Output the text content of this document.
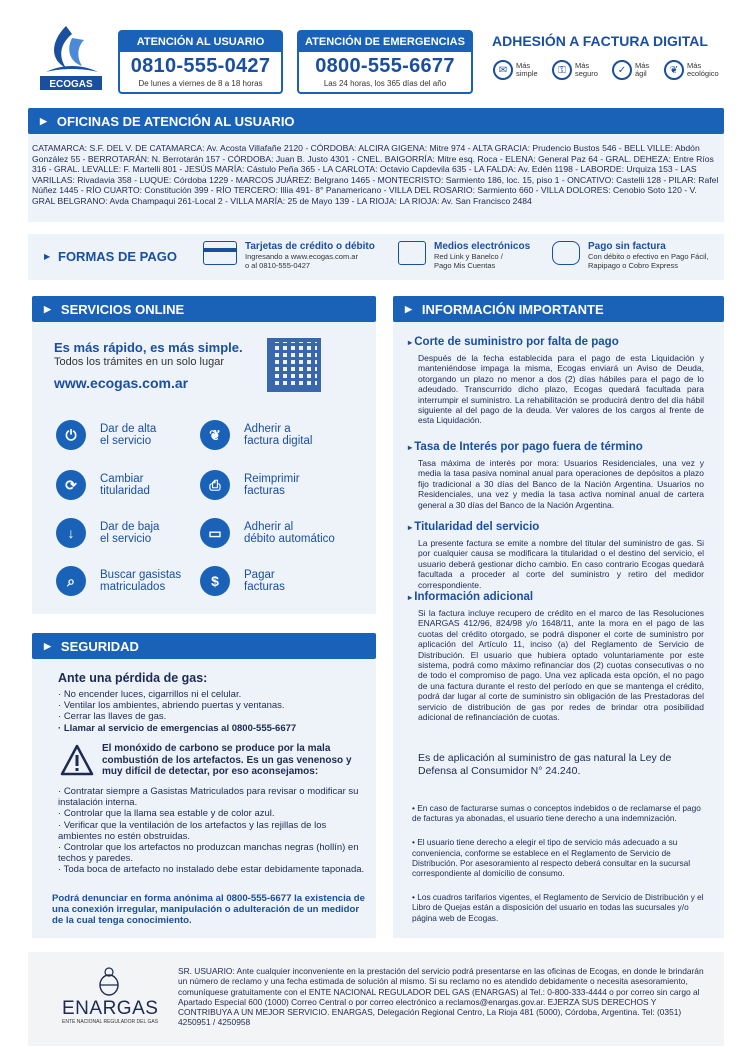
ECOGAS
ATENCIÓN AL USUARIO
0810-555-0427
De lunes a viernes de 8 a 18 horas
ATENCIÓN DE EMERGENCIAS
0800-555-6677
Las 24 horas, los 365 días del año
ADHESIÓN A FACTURA DIGITAL
✉	Más
simple	⚿	Más
seguro	✓	Más
ágil	❦	Más
ecológico
▶ OFICINAS DE ATENCIÓN AL USUARIO
CATAMARCA: S.F. DEL V. DE CATAMARCA: Av. Acosta Villafañe 2120 - CÓRDOBA: ALCIRA GIGENA: Mitre 974 - ALTA GRACIA: Prudencio Bustos 546 - BELL VILLE: Abdón González 55 - BERROTARÁN: N. Berrotarán 157 - CÓRDOBA: Juan B. Justo 4301 - CNEL. BAIGORRÍA: Mitre esq. Roca - ELENA: General Paz 64 - GRAL. DEHEZA: Entre Ríos 316 - GRAL. LEVALLE: F. Martelli 801 - JESÚS MARÍA: Cástulo Peña 365 - LA CARLOTA: Octavio Capdevila 635 - LA FALDA: Av. Edén 1198 - LABORDE: Urquiza 153 - LAS VARILLAS: Rivadavia 358 - LUQUE: Córdoba 1229 - MARCOS JUÁREZ: Belgrano 1465 - MONTECRISTO: Sarmiento 186, loc. 15, piso 1 - ONCATIVO: Castelli 128 - PILAR: Rafel Núñez 1445 - RÍO CUARTO: Constitución 399 - RÍO TERCERO: Illia 491- 8° Panamericano - VILLA DEL ROSARIO: Sarmiento 660 - VILLA DOLORES: Cenobio Soto 120 - V. GRAL BELGRANO: Avda Champaqui 261-Local 2 - VILLA MARÍA: 25 de Mayo 139 - LA RIOJA: LA RIOJA: Av. San Francisco 2484
▶ FORMAS DE PAGO
Tarjetas de crédito o débito
Ingresando a www.ecogas.com.ar
o al 0810-555-0427
Medios electrónicos
Red Link y Banelco /
Pago Mis Cuentas
Pago sin factura
Con débito o efectivo en Pago Fácil,
Rapipago o Cobro Express
▶ SERVICIOS ONLINE
Es más rápido, es más simple.
Todos los trámites en un solo lugar
www.ecogas.com.ar
⏻	Dar de alta
el servicio	❦	Adherir a
factura digital
⟳	Cambiar
titularidad	⎙	Reimprimir
facturas
↓	Dar de baja
el servicio	▭	Adherir al
débito automático
⌕	Buscar gasistas
matriculados	$	Pagar
facturas
▶ SEGURIDAD
Ante una pérdida de gas:
· No encender luces, cigarrillos ni el celular.
· Ventilar los ambientes, abriendo puertas y ventanas.
· Cerrar las llaves de gas.
· Llamar al servicio de emergencias al 0800-555-6677
El monóxido de carbono se produce por la mala combustión de los artefactos. Es un gas venenoso y muy difícil de detectar, por eso aconsejamos:
· Contratar siempre a Gasistas Matriculados para revisar o modificar su instalación interna.
· Controlar que la llama sea estable y de color azul.
· Verificar que la ventilación de los artefactos y las rejillas de los ambientes no estén obstruidas.
· Controlar que los artefactos no produzcan manchas negras (hollín) en techos y paredes.
· Toda boca de artefacto no instalado debe estar debidamente taponada.
Podrá denunciar en forma anónima al 0800-555-6677 la existencia de una conexión irregular, manipulación o adulteración de un medidor de la cual tenga conocimiento.
▶ INFORMACIÓN IMPORTANTE
▸ Corte de suministro por falta de pago
Después de la fecha establecida para el pago de esta Liquidación y manteniéndose impaga la misma, Ecogas enviará un Aviso de Deuda, otorgando un plazo no menor a dos (2) días hábiles para el pago de lo adeudado. Transcurrido dicho plazo, Ecogas quedará facultada para interrumpir el suministro. La rehabilitación se producirá dentro del día hábil siguiente al del pago de la deuda. Ver valores de los cargos al frente de esta Liquidación.
▸ Tasa de Interés por pago fuera de término
Tasa máxima de interés por mora: Usuarios Residenciales, una vez y media la tasa pasiva nominal anual para operaciones de depósitos a plazo fijo tradicional a 30 días del Banco de la Nación Argentina. Usuarios no Residenciales, una vez y media la tasa activa nominal anual de cartera general a 30 días del Banco de la Nación Argentina.
▸ Titularidad del servicio
La presente factura se emite a nombre del titular del suministro de gas. Si por cualquier causa se modificara la titularidad o el destino del servicio, el usuario deberá gestionar dicho cambio. En caso contrario Ecogas quedará facultada a proceder al corte del suministro y retiro del medidor correspondiente.
▸ Información adicional
Si la factura incluye recupero de crédito en el marco de las Resoluciones ENARGAS 412/96, 824/98 y/o 1648/11, ante la mora en el pago de las cuotas del crédito otorgado, se podrá disponer el corte de suministro por aplicación del Artículo 11, inciso (a) del Reglamento de Servicio de Distribución. El usuario que hubiera optado voluntariamente por este sistema, podrá como máximo refinanciar dos (2) cuotas consecutivas o no de todo el compromiso de pago. Una vez aplicada esta opción, el no pago de una factura durante el resto del período en que se mantenga el crédito, podrá dar lugar al corte de suministro sin obligación de las Prestadoras del servicio de distribución de gas por redes de brindar otra posibilidad adicional de refinanciación de cuotas.
Es de aplicación al suministro de gas natural la Ley de Defensa al Consumidor N° 24.240.
• En caso de facturarse sumas o conceptos indebidos o de reclamarse el pago de facturas ya abonadas, el usuario tiene derecho a una indemnización.
• El usuario tiene derecho a elegir el tipo de servicio más adecuado a su conveniencia, conforme se establece en el Reglamento de Servicio de Distribución. Por asesoramiento al respecto deberá consultar en la sucursal correspondiente al domicilio de consumo.
• Los cuadros tarifarios vigentes, el Reglamento de Servicio de Distribución y el Libro de Quejas están a disposición del usuario en todas las sucursales y/o página web de Ecogas.
ENARGAS
ENTE NACIONAL REGULADOR DEL GAS
SR. USUARIO: Ante cualquier inconveniente en la prestación del servicio podrá presentarse en las oficinas de Ecogas, en donde le brindarán un número de reclamo y una fecha estimada de solución al mismo. Si su reclamo no es atendido debidamente o necesita asesoramiento, comuníquese gratuitamente con el ENTE NACIONAL REGULADOR DEL GAS (ENARGAS) al Tel.: 0-800-333-4444 o por correo sin cargo al Apartado Especial 600 (1000) Correo Central o por correo electrónico a reclamos@enargas.gov.ar. EJERZA SUS DERECHOS Y CONTRIBUYA A UN MEJOR SERVICIO. ENARGAS, Delegación Regional Centro, La Rioja 481 (5000), Córdoba, Argentina. Tel: (0351) 4250951 / 4250958
